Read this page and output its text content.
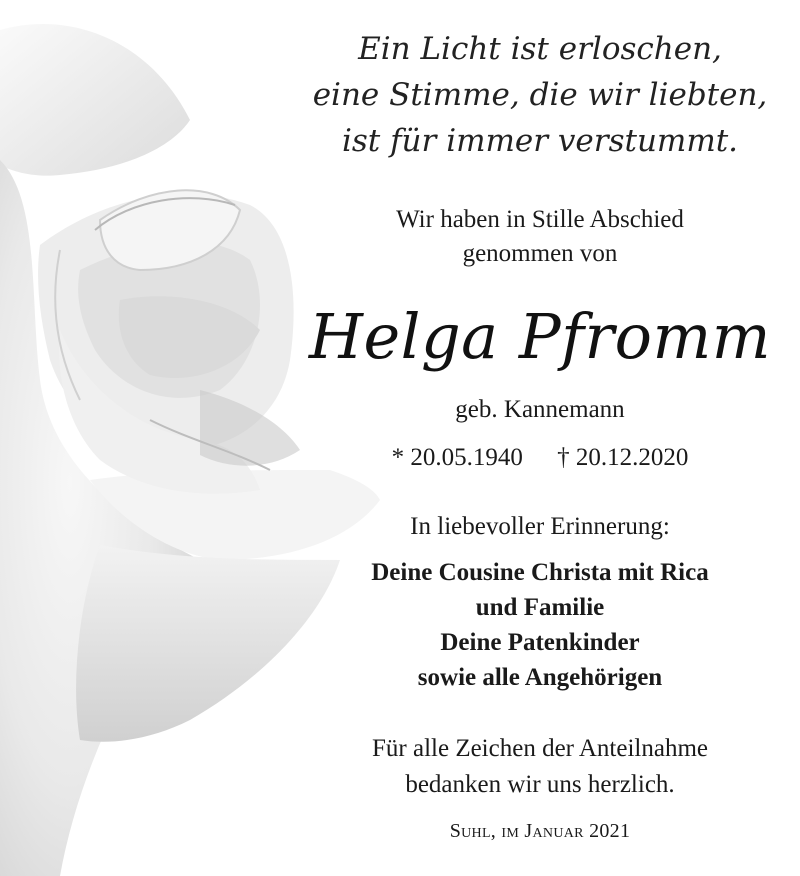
Ein Licht ist erloschen,
eine Stimme, die wir liebten,
ist für immer verstummt.
Wir haben in Stille Abschied
genommen von
Helga Pfromm
geb. Kannemann
* 20.05.1940 † 20.12.2020
In liebevoller Erinnerung:
Deine Cousine Christa mit Rica
und Familie
Deine Patenkinder
sowie alle Angehörigen
Für alle Zeichen der Anteilnahme
bedanken wir uns herzlich.
Suhl, im Januar 2021
